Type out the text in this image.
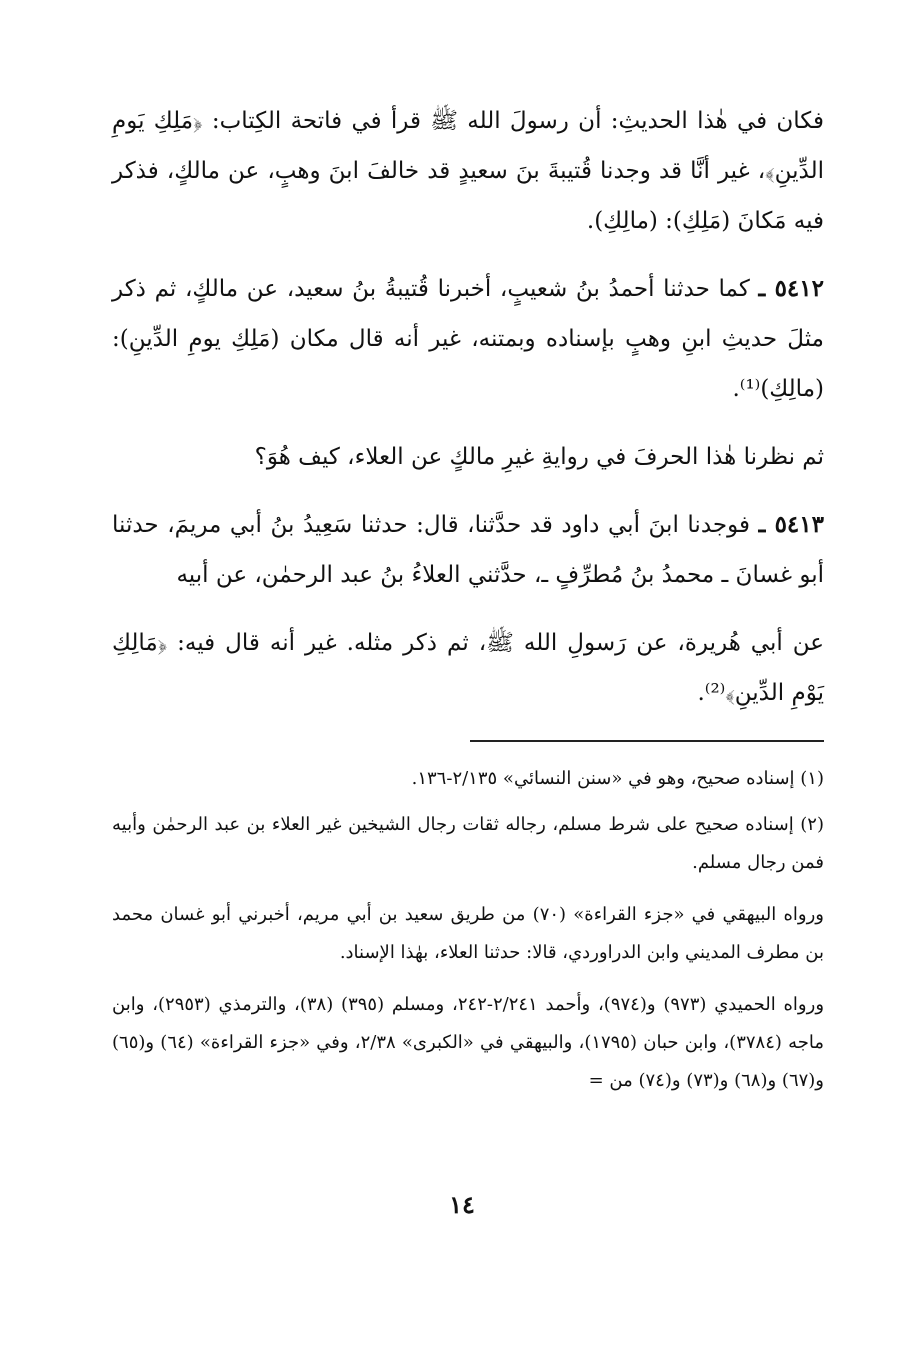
فكان في هٰذا الحديثِ: أن رسولَ الله ﷺ قرأ في فاتحة الكِتاب: ﴿مَلِكِ يَومِ الدِّينِ﴾، غير أنَّا قد وجدنا قُتيبةَ بنَ سعيدٍ قد خالفَ ابنَ وهبٍ، عن مالكٍ، فذكر فيه مَكانَ (مَلِكِ): (مالِكِ).

٥٤١٢ ـ كما حدثنا أحمدُ بنُ شعيبٍ، أخبرنا قُتيبةُ بنُ سعيد، عن مالكٍ، ثم ذكر مثلَ حديثِ ابنِ وهبٍ بإسناده وبمتنه، غير أنه قال مكان (مَلِكِ يومِ الدِّينِ): (مالِكِ)⁽¹⁾.

ثم نظرنا هٰذا الحرفَ في روايةِ غيرِ مالكٍ عن العلاء، كيف هُوَ؟

٥٤١٣ ـ فوجدنا ابنَ أبي داود قد حدَّثنا، قال: حدثنا سَعِيدُ بنُ أبي مريمَ، حدثنا أبو غسانَ ـ محمدُ بنُ مُطرِّفٍ ـ، حدَّثني العلاءُ بنُ عبد الرحمٰن، عن أبيه

عن أبي هُريرة، عن رَسولِ الله ﷺ، ثم ذكر مثله. غير أنه قال فيه: ﴿مَالِكِ يَوْمِ الدِّينِ﴾⁽²⁾.

(١) إسناده صحيح، وهو في «سنن النسائي» ٢/١٣٥-١٣٦.

(٢) إسناده صحيح على شرط مسلم، رجاله ثقات رجال الشيخين غير العلاء بن عبد الرحمٰن وأبيه فمن رجال مسلم.

ورواه البيهقي في «جزء القراءة» (٧٠) من طريق سعيد بن أبي مريم، أخبرني أبو غسان محمد بن مطرف المديني وابن الدراوردي، قالا: حدثنا العلاء، بهٰذا الإسناد.

ورواه الحميدي (٩٧٣) و(٩٧٤)، وأحمد ٢/٢٤١-٢٤٢، ومسلم (٣٩٥) (٣٨)، والترمذي (٢٩٥٣)، وابن ماجه (٣٧٨٤)، وابن حبان (١٧٩٥)، والبيهقي في «الكبرى» ٢/٣٨، وفي «جزء القراءة» (٦٤) و(٦٥) و(٦٧) و(٦٨) و(٧٣) و(٧٤) من =

١٤
